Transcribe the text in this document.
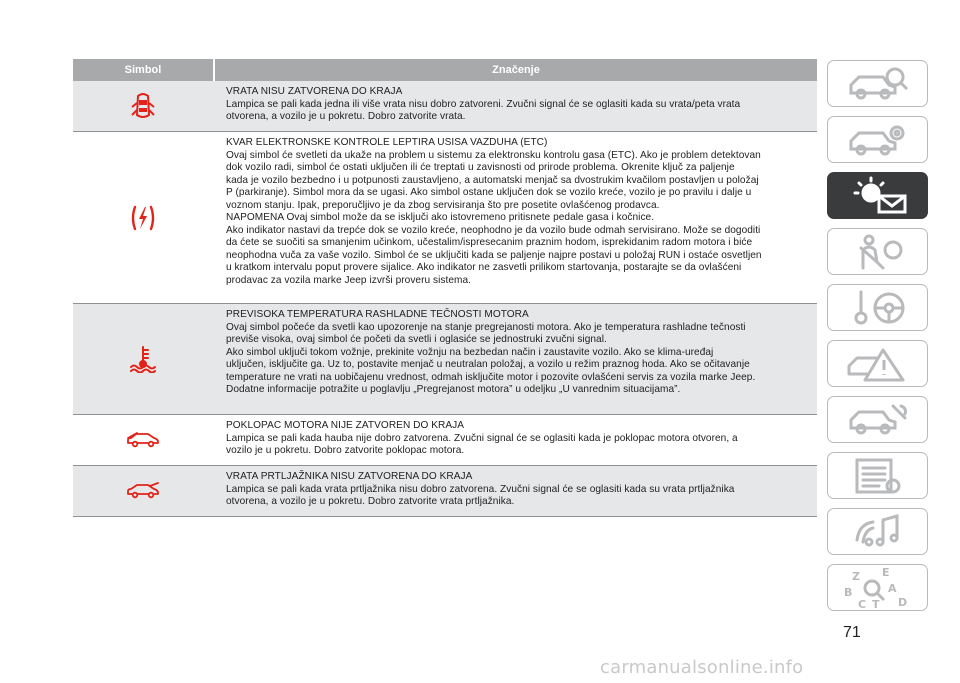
Simbol	Značenje

VRATA NISU ZATVORENA DO KRAJA

Lampica se pali kada jedna ili više vrata nisu dobro zatvoreni. Zvučni signal će se oglasiti kada su vrata/peta vrata

otvorena, a vozilo je u pokretu. Dobro zatvorite vrata.

KVAR ELEKTRONSKE KONTROLE LEPTIRA USISA VAZDUHA (ETC)

Ovaj simbol će svetleti da ukaže na problem u sistemu za elektronsku kontrolu gasa (ETC). Ako je problem detektovan

dok vozilo radi, simbol će ostati uključen ili će treptati u zavisnosti od prirode problema. Okrenite ključ za paljenje

kada je vozilo bezbedno i u potpunosti zaustavljeno, a automatski menjač sa dvostrukim kvačilom postavljen u položaj

P (parkiranje). Simbol mora da se ugasi. Ako simbol ostane uključen dok se vozilo kreće, vozilo je po pravilu i dalje u

voznom stanju. Ipak, preporučljivo je da zbog servisiranja što pre posetite ovlašćenog prodavca.

NAPOMENA Ovaj simbol može da se isključi ako istovremeno pritisnete pedale gasa i kočnice.

Ako indikator nastavi da trepće dok se vozilo kreće, neophodno je da vozilo bude odmah servisirano. Može se dogoditi

da ćete se suočiti sa smanjenim učinkom, učestalim/ispresecanim praznim hodom, isprekidanim radom motora i biće

neophodna vuča za vaše vozilo. Simbol će se uključiti kada se paljenje najpre postavi u položaj RUN i ostaće osvetljen

u kratkom intervalu poput provere sijalice. Ako indikator ne zasvetli prilikom startovanja, postarajte se da ovlašćeni

prodavac za vozila marke Jeep izvrši proveru sistema.

PREVISOKA TEMPERATURA RASHLADNE TEČNOSTI MOTORA

Ovaj simbol počeće da svetli kao upozorenje na stanje pregrejanosti motora. Ako je temperatura rashladne tečnosti

previše visoka, ovaj simbol će početi da svetli i oglasiće se jednostruki zvučni signal.

Ako simbol uključi tokom vožnje, prekinite vožnju na bezbedan način i zaustavite vozilo. Ako se klima-uređaj

uključen, isključite ga. Uz to, postavite menjač u neutralan položaj, a vozilo u režim praznog hoda. Ako se očitavanje

temperature ne vrati na uobičajenu vrednost, odmah isključite motor i pozovite ovlašćeni servis za vozila marke Jeep.

Dodatne informacije potražite u poglavlju „Pregrejanost motora” u odeljku „U vanrednim situacijama”.

POKLOPAC MOTORA NIJE ZATVOREN DO KRAJA

Lampica se pali kada hauba nije dobro zatvorena. Zvučni signal će se oglasiti kada je poklopac motora otvoren, a

vozilo je u pokretu. Dobro zatvorite poklopac motora.

VRATA PRTLJAŽNIKA NISU ZATVORENA DO KRAJA

Lampica se pali kada vrata prtljažnika nisu dobro zatvorena. Zvučni signal će se oglasiti kada su vrata prtljažnika

otvorena, a vozilo je u pokretu. Dobro zatvorite vrata prtljažnika.

Z E
B	A
C T D
71
carmanualsonline.info
